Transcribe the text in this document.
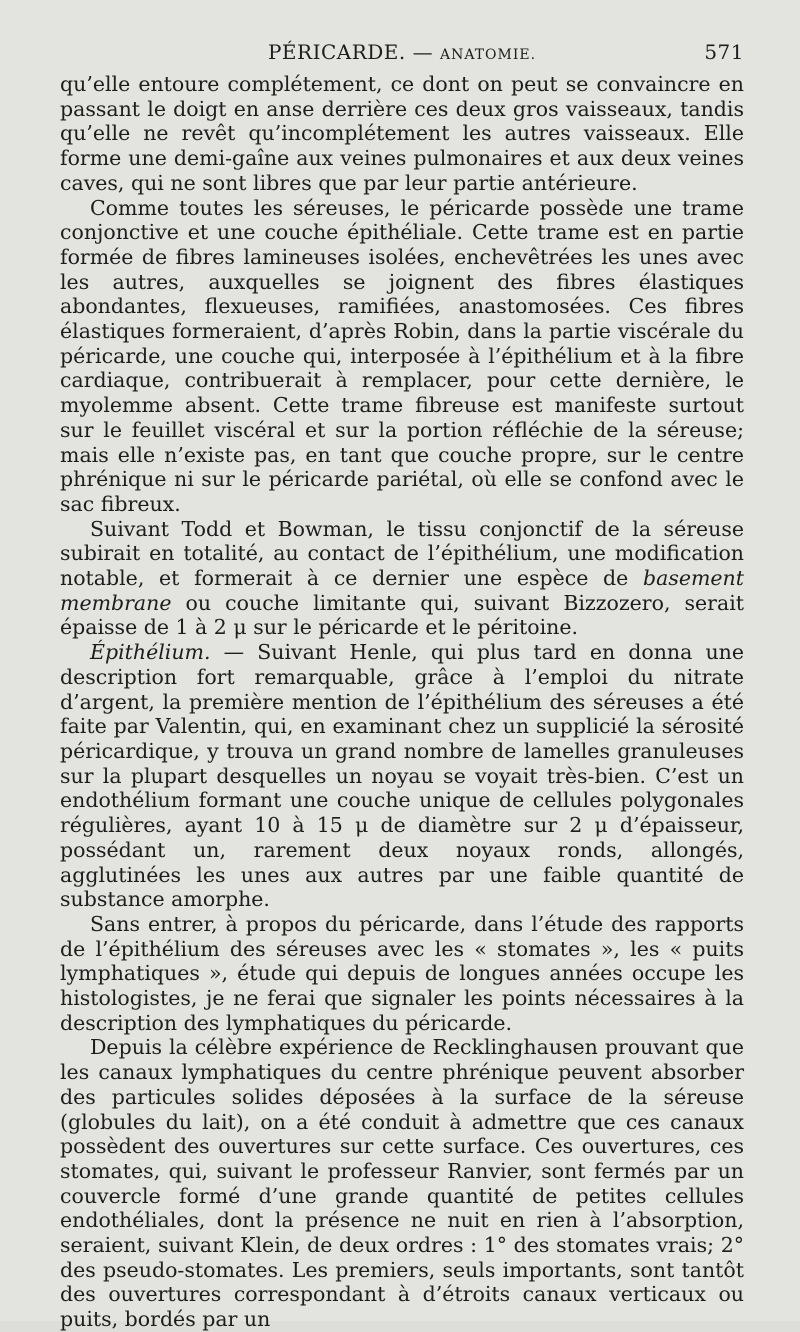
PÉRICARDE. — ANATOMIE.	571

qu’elle entoure complétement, ce dont on peut se convaincre en passant le doigt en anse derrière ces deux gros vaisseaux, tandis qu’elle ne revêt qu’incomplétement les autres vaisseaux. Elle forme une demi-gaîne aux veines pulmonaires et aux deux veines caves, qui ne sont libres que par leur partie antérieure.

Comme toutes les séreuses, le péricarde possède une trame conjonctive et une couche épithéliale. Cette trame est en partie formée de fibres lamineuses isolées, enchevêtrées les unes avec les autres, auxquelles se joignent des fibres élastiques abondantes, flexueuses, ramifiées, anastomosées. Ces fibres élastiques formeraient, d’après Robin, dans la partie viscérale du péricarde, une couche qui, interposée à l’épithélium et à la fibre cardiaque, contribuerait à remplacer, pour cette dernière, le myolemme absent. Cette trame fibreuse est manifeste surtout sur le feuillet viscéral et sur la portion réfléchie de la séreuse; mais elle n’existe pas, en tant que couche propre, sur le centre phrénique ni sur le péricarde pariétal, où elle se confond avec le sac fibreux.

Suivant Todd et Bowman, le tissu conjonctif de la séreuse subirait en totalité, au contact de l’épithélium, une modification notable, et formerait à ce dernier une espèce de basement membrane ou couche limitante qui, suivant Bizzozero, serait épaisse de 1 à 2 μ sur le péricarde et le péritoine.

Épithélium. — Suivant Henle, qui plus tard en donna une description fort remarquable, grâce à l’emploi du nitrate d’argent, la première mention de l’épithélium des séreuses a été faite par Valentin, qui, en examinant chez un supplicié la sérosité péricardique, y trouva un grand nombre de lamelles granuleuses sur la plupart desquelles un noyau se voyait très-bien. C’est un endothélium formant une couche unique de cellules polygonales régulières, ayant 10 à 15 μ de diamètre sur 2 μ d’épaisseur, possédant un, rarement deux noyaux ronds, allongés, agglutinées les unes aux autres par une faible quantité de substance amorphe.

Sans entrer, à propos du péricarde, dans l’étude des rapports de l’épithélium des séreuses avec les « stomates », les « puits lymphatiques », étude qui depuis de longues années occupe les histologistes, je ne ferai que signaler les points nécessaires à la description des lymphatiques du péricarde.

Depuis la célèbre expérience de Recklinghausen prouvant que les canaux lymphatiques du centre phrénique peuvent absorber des particules solides déposées à la surface de la séreuse (globules du lait), on a été conduit à admettre que ces canaux possèdent des ouvertures sur cette surface. Ces ouvertures, ces stomates, qui, suivant le professeur Ranvier, sont fermés par un couvercle formé d’une grande quantité de petites cellules endothéliales, dont la présence ne nuit en rien à l’absorption, seraient, suivant Klein, de deux ordres : 1° des stomates vrais; 2° des pseudo-stomates. Les premiers, seuls importants, sont tantôt des ouvertures correspondant à d’étroits canaux verticaux ou puits, bordés par un
